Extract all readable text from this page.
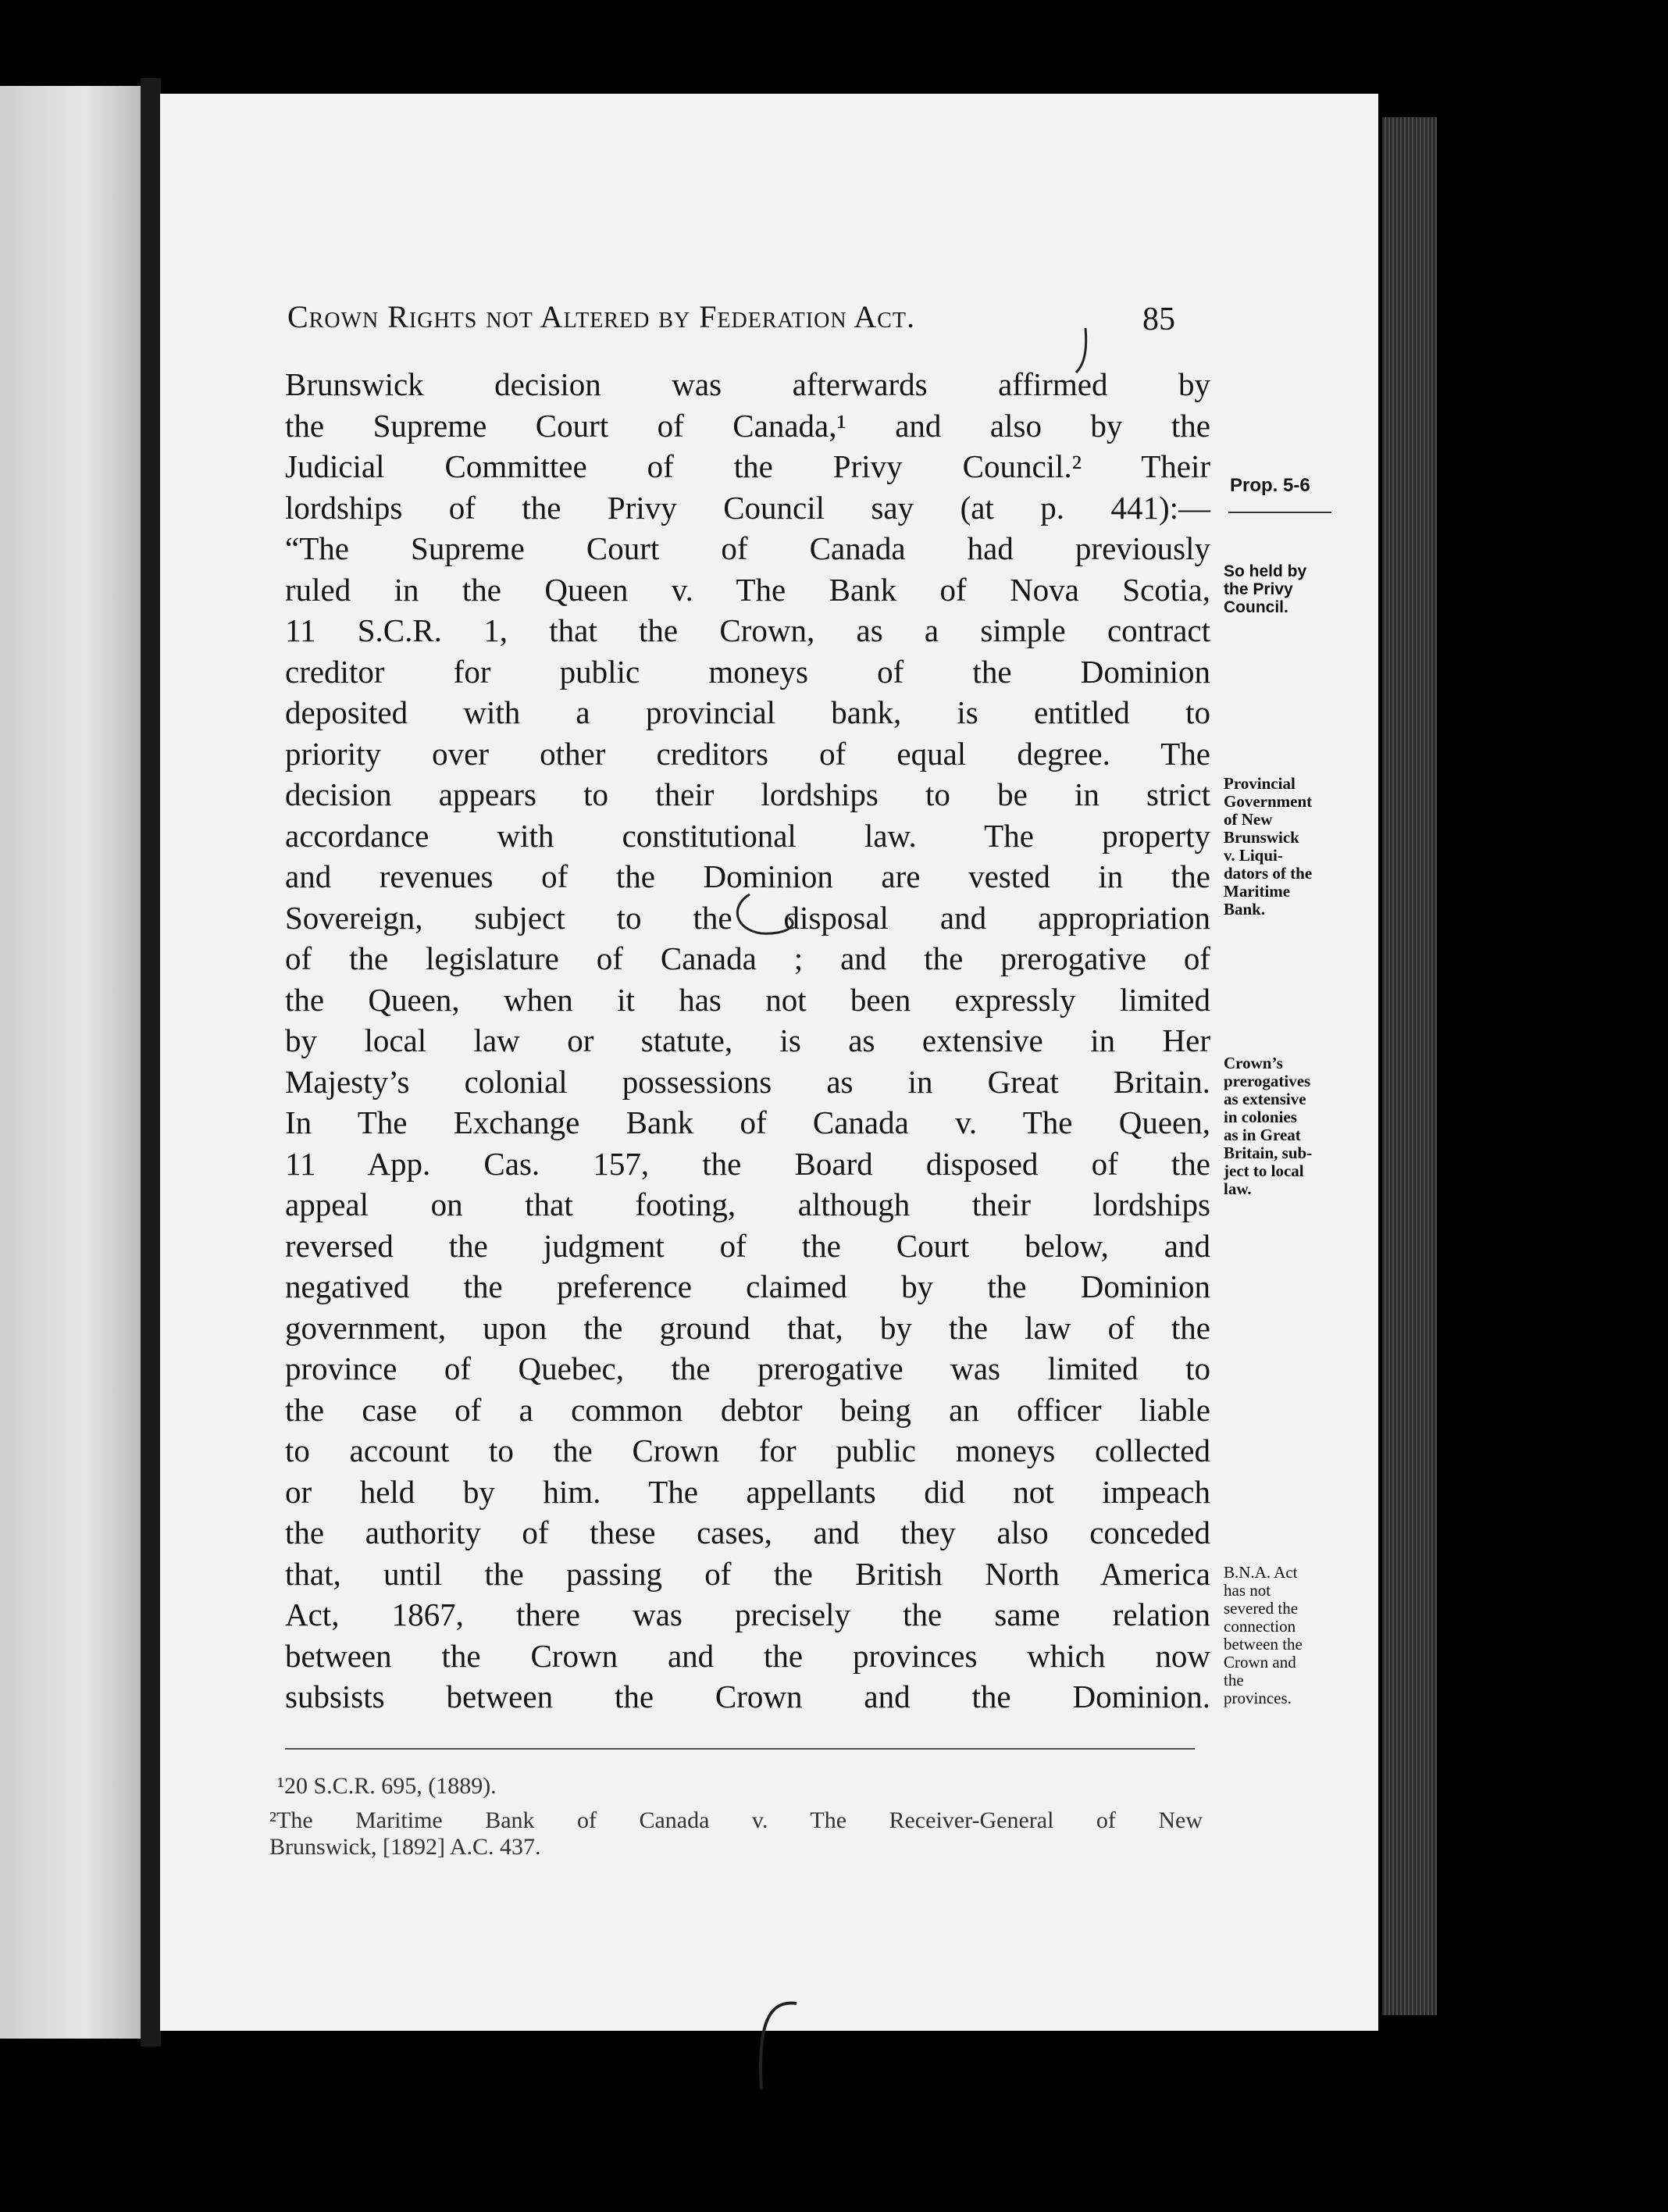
Crown Rights not Altered by Federation Act.	85
Brunswick decision was afterwards affirmed by
the Supreme Court of Canada,¹ and also by the
Judicial Committee of the Privy Council.² Their
lordships of the Privy Council say (at p. 441):—
“The Supreme Court of Canada had previously
ruled in the Queen v. The Bank of Nova Scotia,
11 S.C.R. 1, that the Crown, as a simple contract
creditor for public moneys of the Dominion
deposited with a provincial bank, is entitled to
priority over other creditors of equal degree. The
decision appears to their lordships to be in strict
accordance with constitutional law. The property
and revenues of the Dominion are vested in the
Sovereign, subject to the disposal and appropriation
of the legislature of Canada ; and the prerogative of
the Queen, when it has not been expressly limited
by local law or statute, is as extensive in Her
Majesty’s colonial possessions as in Great Britain.
In The Exchange Bank of Canada v. The Queen,
11 App. Cas. 157, the Board disposed of the
appeal on that footing, although their lordships
reversed the judgment of the Court below, and
negatived the preference claimed by the Dominion
government, upon the ground that, by the law of the
province of Quebec, the prerogative was limited to
the case of a common debtor being an officer liable
to account to the Crown for public moneys collected
or held by him. The appellants did not impeach
the authority of these cases, and they also conceded
that, until the passing of the British North America
Act, 1867, there was precisely the same relation
between the Crown and the provinces which now
subsists between the Crown and the Dominion.
Prop. 5-6
So held by
the Privy
Council.
Provincial
Government
of New
Brunswick
v. Liqui-
dators of the
Maritime
Bank.
Crown’s
prerogatives
as extensive
in colonies
as in Great
Britain, sub-
ject to local
law.
B.N.A. Act
has not
severed the
connection
between the
Crown and
the
provinces.
¹20 S.C.R. 695, (1889).
²The Maritime Bank of Canada v. The Receiver-General of New
Brunswick, [1892] A.C. 437.
